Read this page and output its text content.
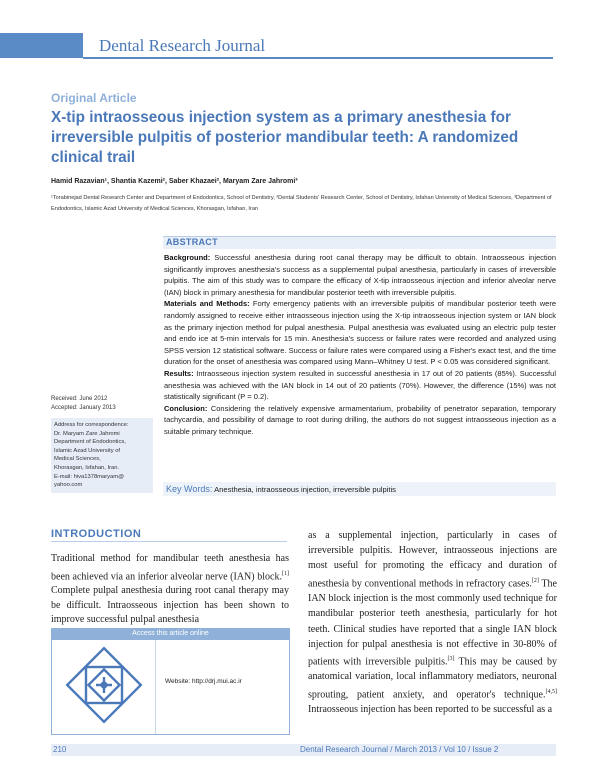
Dental Research Journal
Original Article
X-tip intraosseous injection system as a primary anesthesia for irreversible pulpitis of posterior mandibular teeth: A randomized clinical trail
Hamid Razavian¹, Shantia Kazemi², Saber Khazaei², Maryam Zare Jahromi³
¹Torabinejad Dental Research Center and Department of Endodontics, School of Dentistry, ²Dental Students' Research Center, School of Dentistry, Isfahan University of Medical Sciences, ³Department of Endodontics, Islamic Azad University of Medical Sciences, Khorasgan, Isfahan, Iran
ABSTRACT

Background: Successful anesthesia during root canal therapy may be difficult to obtain. Intraosseous injection significantly improves anesthesia's success as a supplemental pulpal anesthesia, particularly in cases of irreversible pulpitis. The aim of this study was to compare the efficacy of X-tip intraosseous injection and inferior alveolar nerve (IAN) block in primary anesthesia for mandibular posterior teeth with irreversible pulpitis.

Materials and Methods: Forty emergency patients with an irreversible pulpitis of mandibular posterior teeth were randomly assigned to receive either intraosseous injection using the X-tip intraosseous injection system or IAN block as the primary injection method for pulpal anesthesia. Pulpal anesthesia was evaluated using an electric pulp tester and endo ice at 5-min intervals for 15 min. Anesthesia's success or failure rates were recorded and analyzed using SPSS version 12 statistical software. Success or failure rates were compared using a Fisher's exact test, and the time duration for the onset of anesthesia was compared using Mann–Whitney U test. P < 0.05 was considered significant.

Results: Intraosseous injection system resulted in successful anesthesia in 17 out of 20 patients (85%). Successful anesthesia was achieved with the IAN block in 14 out of 20 patients (70%). However, the difference (15%) was not statistically significant (P = 0.2).

Conclusion: Considering the relatively expensive armamentarium, probability of penetrator separation, temporary tachycardia, and possibility of damage to root during drilling, the authors do not suggest intraosseous injection as a suitable primary technique.

Key Words: Anesthesia, intraosseous injection, irreversible pulpitis
Received: June 2012
Accepted: January 2013
Address for correspondence:
Dr. Maryam Zare Jahromi
Department of Endodontics,
Islamic Azad University of
Medical Sciences,
Khorasgan, Isfahan, Iran.
E-mail: hiva1378maryam@
yahoo.com
INTRODUCTION

Traditional method for mandibular teeth anesthesia has been achieved via an inferior alveolar nerve (IAN) block.[1] Complete pulpal anesthesia during root canal therapy may be difficult. Intraosseous injection has been shown to improve successful pulpal anesthesia

Access this article online
Website: http://drj.mui.ac.ir

as a supplemental injection, particularly in cases of irreversible pulpitis. However, intraosseous injections are most useful for promoting the efficacy and duration of anesthesia by conventional methods in refractory cases.[2] The IAN block injection is the most commonly used technique for mandibular posterior teeth anesthesia, particularly for hot teeth. Clinical studies have reported that a single IAN block injection for pulpal anesthesia is not effective in 30-80% of patients with irreversible pulpitis.[3] This may be caused by anatomical variation, local inflammatory mediators, neuronal sprouting, patient anxiety, and operator's technique.[4,5] Intraosseous injection has been reported to be successful as a

210	Dental Research Journal / March 2013 / Vol 10 / Issue 2
